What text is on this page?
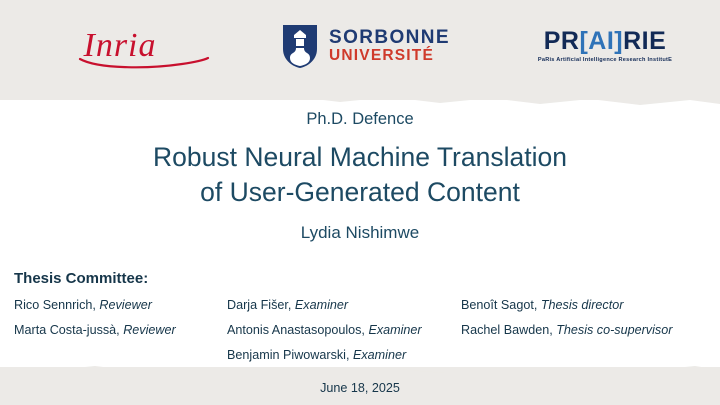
Inria	SORBONNE
UNIVERSITÉ
PR[AI]RIE
PaRis Artificial Intelligence Research InstitutE
Ph.D. Defence
Robust Neural Machine Translation
of User-Generated Content
Lydia Nishimwe
Thesis Committee:
Rico Sennrich, Reviewer
Marta Costa-jussà, Reviewer
Darja Fišer, Examiner
Antonis Anastasopoulos, Examiner
Benjamin Piwowarski, Examiner
Benoît Sagot, Thesis director
Rachel Bawden, Thesis co-supervisor
June 18, 2025
